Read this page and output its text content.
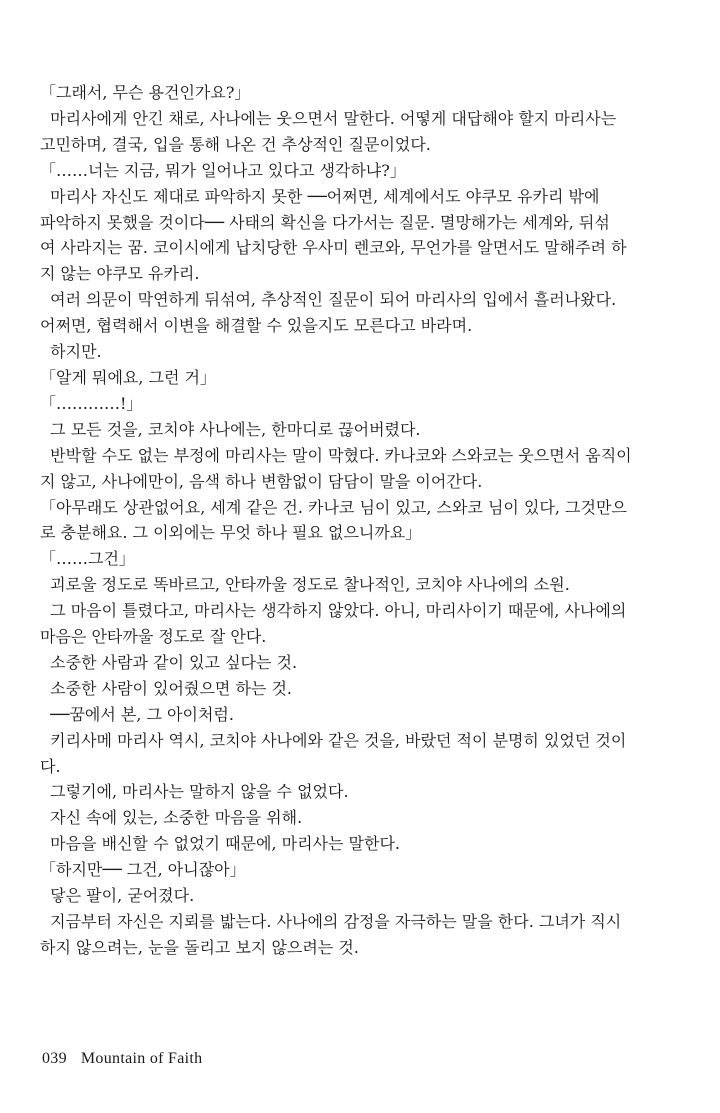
「그래서, 무슨 용건인가요?」
마리사에게 안긴 채로, 사나에는 웃으면서 말한다. 어떻게 대답해야 할지 마리사는
고민하며, 결국, 입을 통해 나온 건 추상적인 질문이었다.
「……너는 지금, 뭐가 일어나고 있다고 생각하냐?」
마리사 자신도 제대로 파악하지 못한 ──어쩌면, 세계에서도 야쿠모 유카리 밖에
파악하지 못했을 것이다── 사태의 확신을 다가서는 질문. 멸망해가는 세계와, 뒤섞
여 사라지는 꿈. 코이시에게 납치당한 우사미 렌코와, 무언가를 알면서도 말해주려 하
지 않는 야쿠모 유카리.
여러 의문이 막연하게 뒤섞여, 추상적인 질문이 되어 마리사의 입에서 흘러나왔다.
어쩌면, 협력해서 이변을 해결할 수 있을지도 모른다고 바라며.
하지만.
「알게 뭐에요, 그런 거」
「…………!」
그 모든 것을, 코치야 사나에는, 한마디로 끊어버렸다.
반박할 수도 없는 부정에 마리사는 말이 막혔다. 카나코와 스와코는 웃으면서 움직이
지 않고, 사나에만이, 음색 하나 변함없이 담담이 말을 이어간다.
「아무래도 상관없어요, 세계 같은 건. 카나코 님이 있고, 스와코 님이 있다, 그것만으
로 충분해요. 그 이외에는 무엇 하나 필요 없으니까요」
「……그건」
괴로울 정도로 똑바르고, 안타까울 정도로 찰나적인, 코치야 사나에의 소원.
그 마음이 틀렸다고, 마리사는 생각하지 않았다. 아니, 마리사이기 때문에, 사나에의
마음은 안타까울 정도로 잘 안다.
소중한 사람과 같이 있고 싶다는 것.
소중한 사람이 있어줬으면 하는 것.
──꿈에서 본, 그 아이처럼.
키리사메 마리사 역시, 코치야 사나에와 같은 것을, 바랐던 적이 분명히 있었던 것이
다.
그렇기에, 마리사는 말하지 않을 수 없었다.
자신 속에 있는, 소중한 마음을 위해.
마음을 배신할 수 없었기 때문에, 마리사는 말한다.
「하지만── 그건, 아니잖아」
닿은 팔이, 굳어졌다.
지금부터 자신은 지뢰를 밟는다. 사나에의 감정을 자극하는 말을 한다. 그녀가 직시
하지 않으려는, 눈을 돌리고 보지 않으려는 것.
039 Mountain of Faith
